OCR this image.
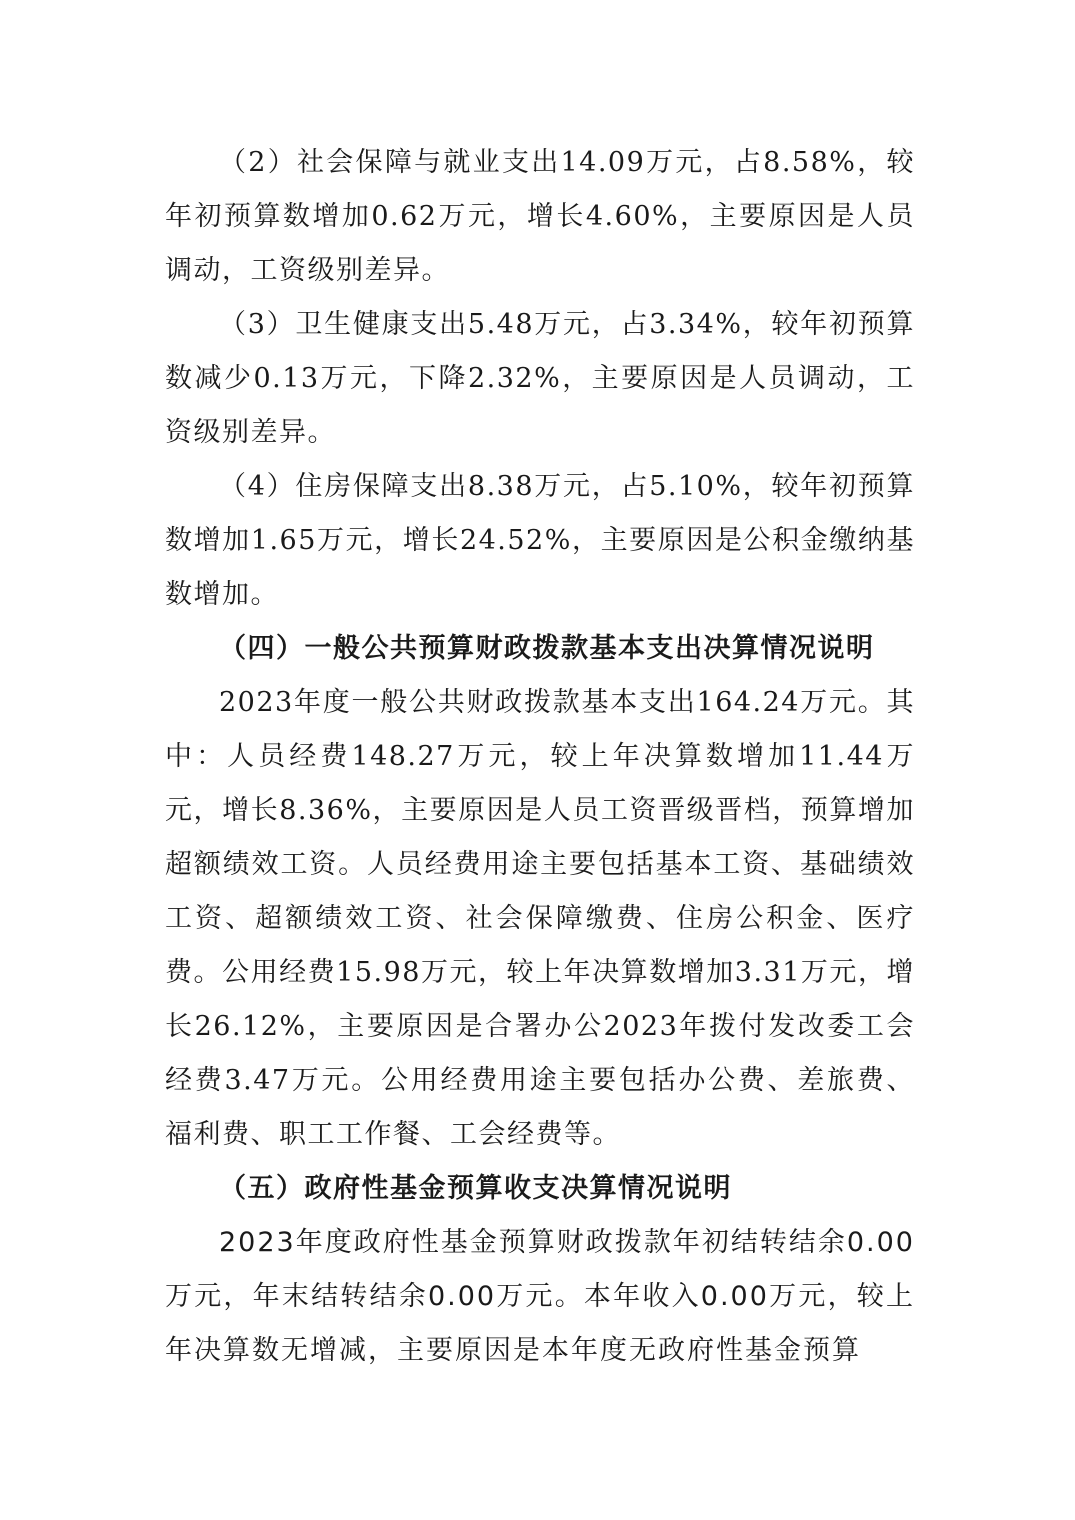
（2）社会保障与就业支出14.09万元，占8.58%，较年初预算数增加0.62万元，增长4.60%，主要原因是人员调动，工资级别差异。

（3）卫生健康支出5.48万元，占3.34%，较年初预算数减少0.13万元，下降2.32%，主要原因是人员调动，工资级别差异。

（4）住房保障支出8.38万元，占5.10%，较年初预算数增加1.65万元，增长24.52%，主要原因是公积金缴纳基数增加。

（四）一般公共预算财政拨款基本支出决算情况说明

2023年度一般公共财政拨款基本支出164.24万元。其中：人员经费148.27万元，较上年决算数增加11.44万元，增长8.36%，主要原因是人员工资晋级晋档，预算增加超额绩效工资。人员经费用途主要包括基本工资、基础绩效工资、超额绩效工资、社会保障缴费、住房公积金、医疗费。公用经费15.98万元，较上年决算数增加3.31万元，增长26.12%，主要原因是合署办公2023年拨付发改委工会经费3.47万元。公用经费用途主要包括办公费、差旅费、福利费、职工工作餐、工会经费等。

（五）政府性基金预算收支决算情况说明

2023年度政府性基金预算财政拨款年初结转结余0.00万元，年末结转结余0.00万元。本年收入0.00万元，较上年决算数无增减，主要原因是本年度无政府性基金预算
